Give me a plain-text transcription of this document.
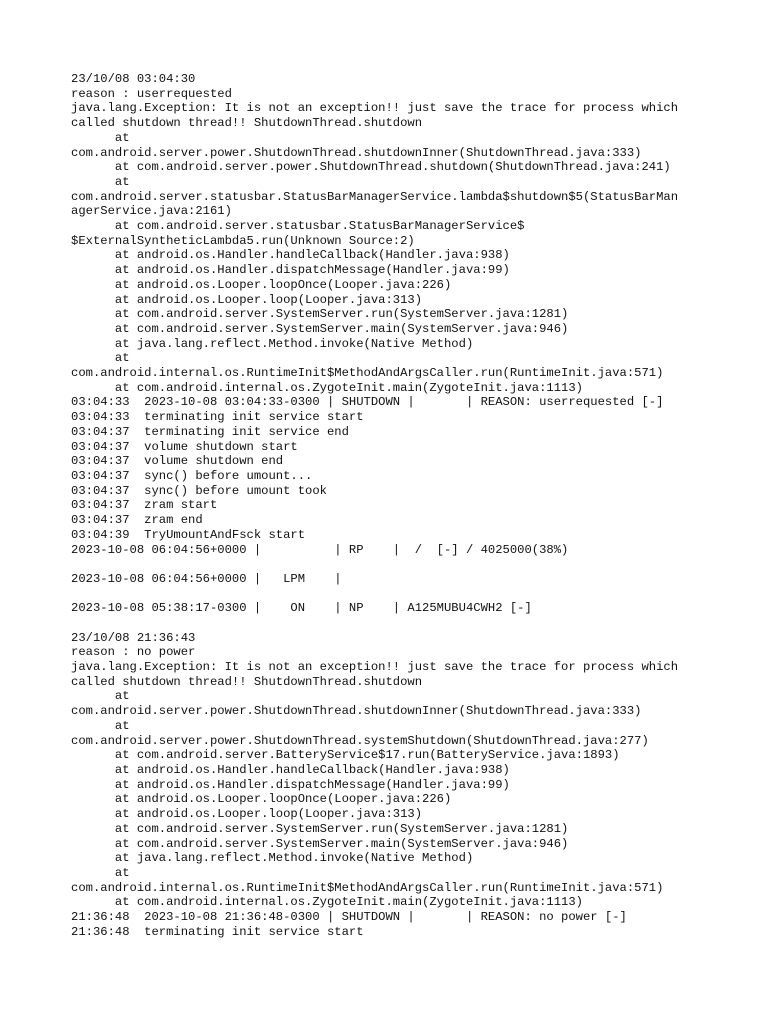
23/10/08 03:04:30
reason : userrequested
java.lang.Exception: It is not an exception!! just save the trace for process which
called shutdown thread!! ShutdownThread.shutdown
at
com.android.server.power.ShutdownThread.shutdownInner(ShutdownThread.java:333)
at com.android.server.power.ShutdownThread.shutdown(ShutdownThread.java:241)
at
com.android.server.statusbar.StatusBarManagerService.lambda$shutdown$5(StatusBarMan
agerService.java:2161)
at com.android.server.statusbar.StatusBarManagerService$
$ExternalSyntheticLambda5.run(Unknown Source:2)
at android.os.Handler.handleCallback(Handler.java:938)
at android.os.Handler.dispatchMessage(Handler.java:99)
at android.os.Looper.loopOnce(Looper.java:226)
at android.os.Looper.loop(Looper.java:313)
at com.android.server.SystemServer.run(SystemServer.java:1281)
at com.android.server.SystemServer.main(SystemServer.java:946)
at java.lang.reflect.Method.invoke(Native Method)
at
com.android.internal.os.RuntimeInit$MethodAndArgsCaller.run(RuntimeInit.java:571)
at com.android.internal.os.ZygoteInit.main(ZygoteInit.java:1113)
03:04:33  2023-10-08 03:04:33-0300 | SHUTDOWN |       | REASON: userrequested [-]
03:04:33  terminating init service start
03:04:37  terminating init service end
03:04:37  volume shutdown start
03:04:37  volume shutdown end
03:04:37  sync() before umount...
03:04:37  sync() before umount took
03:04:37  zram start
03:04:37  zram end
03:04:39  TryUmountAndFsck start
2023-10-08 06:04:56+0000 |          | RP    |  /  [-] / 4025000(38%)
2023-10-08 06:04:56+0000 |   LPM    |
2023-10-08 05:38:17-0300 |    ON    | NP    | A125MUBU4CWH2 [-]
23/10/08 21:36:43
reason : no power
java.lang.Exception: It is not an exception!! just save the trace for process which
called shutdown thread!! ShutdownThread.shutdown
at
com.android.server.power.ShutdownThread.shutdownInner(ShutdownThread.java:333)
at
com.android.server.power.ShutdownThread.systemShutdown(ShutdownThread.java:277)
at com.android.server.BatteryService$17.run(BatteryService.java:1893)
at android.os.Handler.handleCallback(Handler.java:938)
at android.os.Handler.dispatchMessage(Handler.java:99)
at android.os.Looper.loopOnce(Looper.java:226)
at android.os.Looper.loop(Looper.java:313)
at com.android.server.SystemServer.run(SystemServer.java:1281)
at com.android.server.SystemServer.main(SystemServer.java:946)
at java.lang.reflect.Method.invoke(Native Method)
at
com.android.internal.os.RuntimeInit$MethodAndArgsCaller.run(RuntimeInit.java:571)
at com.android.internal.os.ZygoteInit.main(ZygoteInit.java:1113)
21:36:48  2023-10-08 21:36:48-0300 | SHUTDOWN |       | REASON: no power [-]
21:36:48  terminating init service start
